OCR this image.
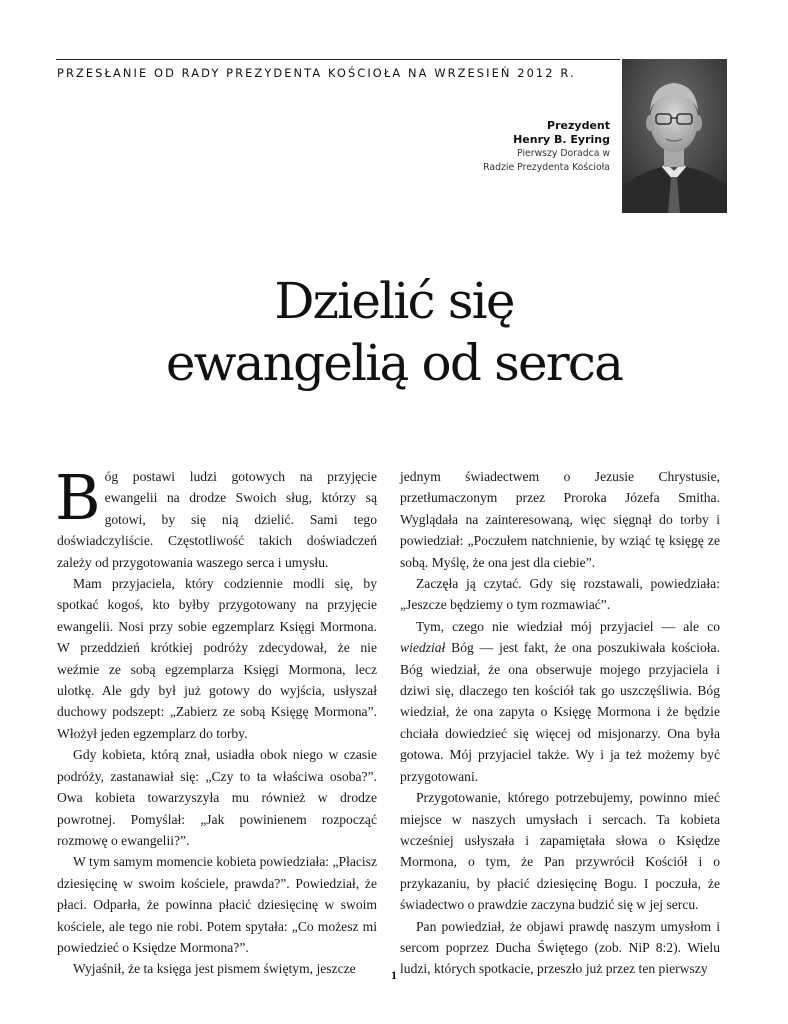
PRZESŁANIE OD RADY PREZYDENTA KOŚCIOŁA NA WRZESIEŃ 2012 R.
Prezydent
Henry B. Eyring
Pierwszy Doradca w
Radzie Prezydenta Kościoła
Dzielić się
ewangelią od serca

Bóg postawi ludzi gotowych na przyjęcie ewangelii na drodze Swoich sług, którzy są gotowi, by się nią dzielić. Sami tego doświadczyliście. Częstotliwość takich doświadczeń zależy od przygotowania waszego serca i umysłu.

Mam przyjaciela, który codziennie modli się, by spotkać kogoś, kto byłby przygotowany na przyjęcie ewangelii. Nosi przy sobie egzemplarz Księgi Mormona. W przeddzień krótkiej podróży zdecydował, że nie weźmie ze sobą egzemplarza Księgi Mormona, lecz ulotkę. Ale gdy był już gotowy do wyjścia, usłyszał duchowy podszept: „Zabierz ze sobą Księgę Mormona”. Włożył jeden egzemplarz do torby.

Gdy kobieta, którą znał, usiadła obok niego w czasie podróży, zastanawiał się: „Czy to ta właściwa osoba?”. Owa kobieta towarzyszyła mu również w drodze powrotnej. Pomyślał: „Jak powinienem rozpocząć rozmowę o ewangelii?”.

W tym samym momencie kobieta powiedziała: „Płacisz dziesięcinę w swoim kościele, prawda?”. Powiedział, że płaci. Odparła, że powinna płacić dziesięcinę w swoim kościele, ale tego nie robi. Potem spytała: „Co możesz mi powiedzieć o Księdze Mormona?”.

Wyjaśnił, że ta księga jest pismem świętym, jeszcze

jednym świadectwem o Jezusie Chrystusie, przetłumaczonym przez Proroka Józefa Smitha. Wyglądała na zainteresowaną, więc sięgnął do torby i powiedział: „Poczułem natchnienie, by wziąć tę księgę ze sobą. Myślę, że ona jest dla ciebie”.

Zaczęła ją czytać. Gdy się rozstawali, powiedziała: „Jeszcze będziemy o tym rozmawiać”.

Tym, czego nie wiedział mój przyjaciel — ale co wiedział Bóg — jest fakt, że ona poszukiwała kościoła. Bóg wiedział, że ona obserwuje mojego przyjaciela i dziwi się, dlaczego ten kościół tak go uszczęśliwia. Bóg wiedział, że ona zapyta o Księgę Mormona i że będzie chciała dowiedzieć się więcej od misjonarzy. Ona była gotowa. Mój przyjaciel także. Wy i ja też możemy być przygotowani.

Przygotowanie, którego potrzebujemy, powinno mieć miejsce w naszych umysłach i sercach. Ta kobieta wcześniej usłyszała i zapamiętała słowa o Księdze Mormona, o tym, że Pan przywrócił Kościół i o przykazaniu, by płacić dziesięcinę Bogu. I poczuła, że świadectwo o prawdzie zaczyna budzić się w jej sercu.

Pan powiedział, że objawi prawdę naszym umysłom i sercom poprzez Ducha Świętego (zob. NiP 8:2). Wielu ludzi, których spotkacie, przeszło już przez ten pierwszy

1
